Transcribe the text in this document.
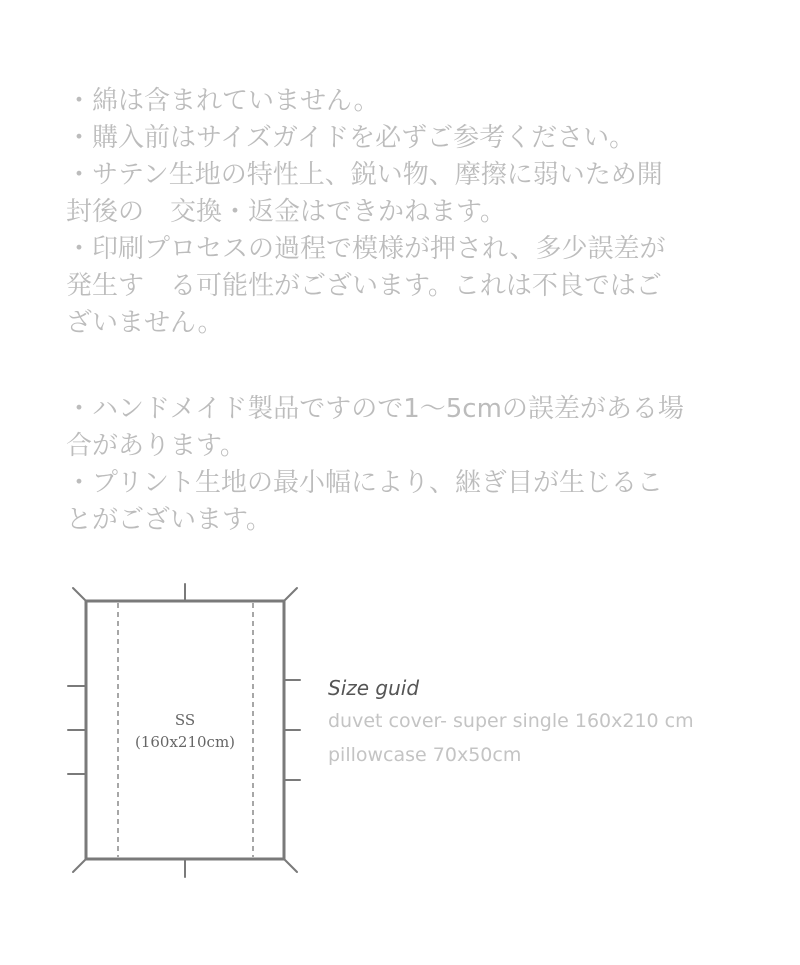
・綿は含まれていません。
・購入前はサイズガイドを必ずご参考ください。
・サテン生地の特性上、鋭い物、摩擦に弱いため開
封後の　交換・返金はできかねます。
・印刷プロセスの過程で模様が押され、多少誤差が
発生す　る可能性がございます。これは不良ではご
ざいません。
・ハンドメイド製品ですので1〜5cmの誤差がある場
合があります。
・プリント生地の最小幅により、継ぎ目が生じるこ
とがございます。
SS
(160x210cm)
Size guid
duvet cover- super single 160x210 cm
pillowcase 70x50cm
